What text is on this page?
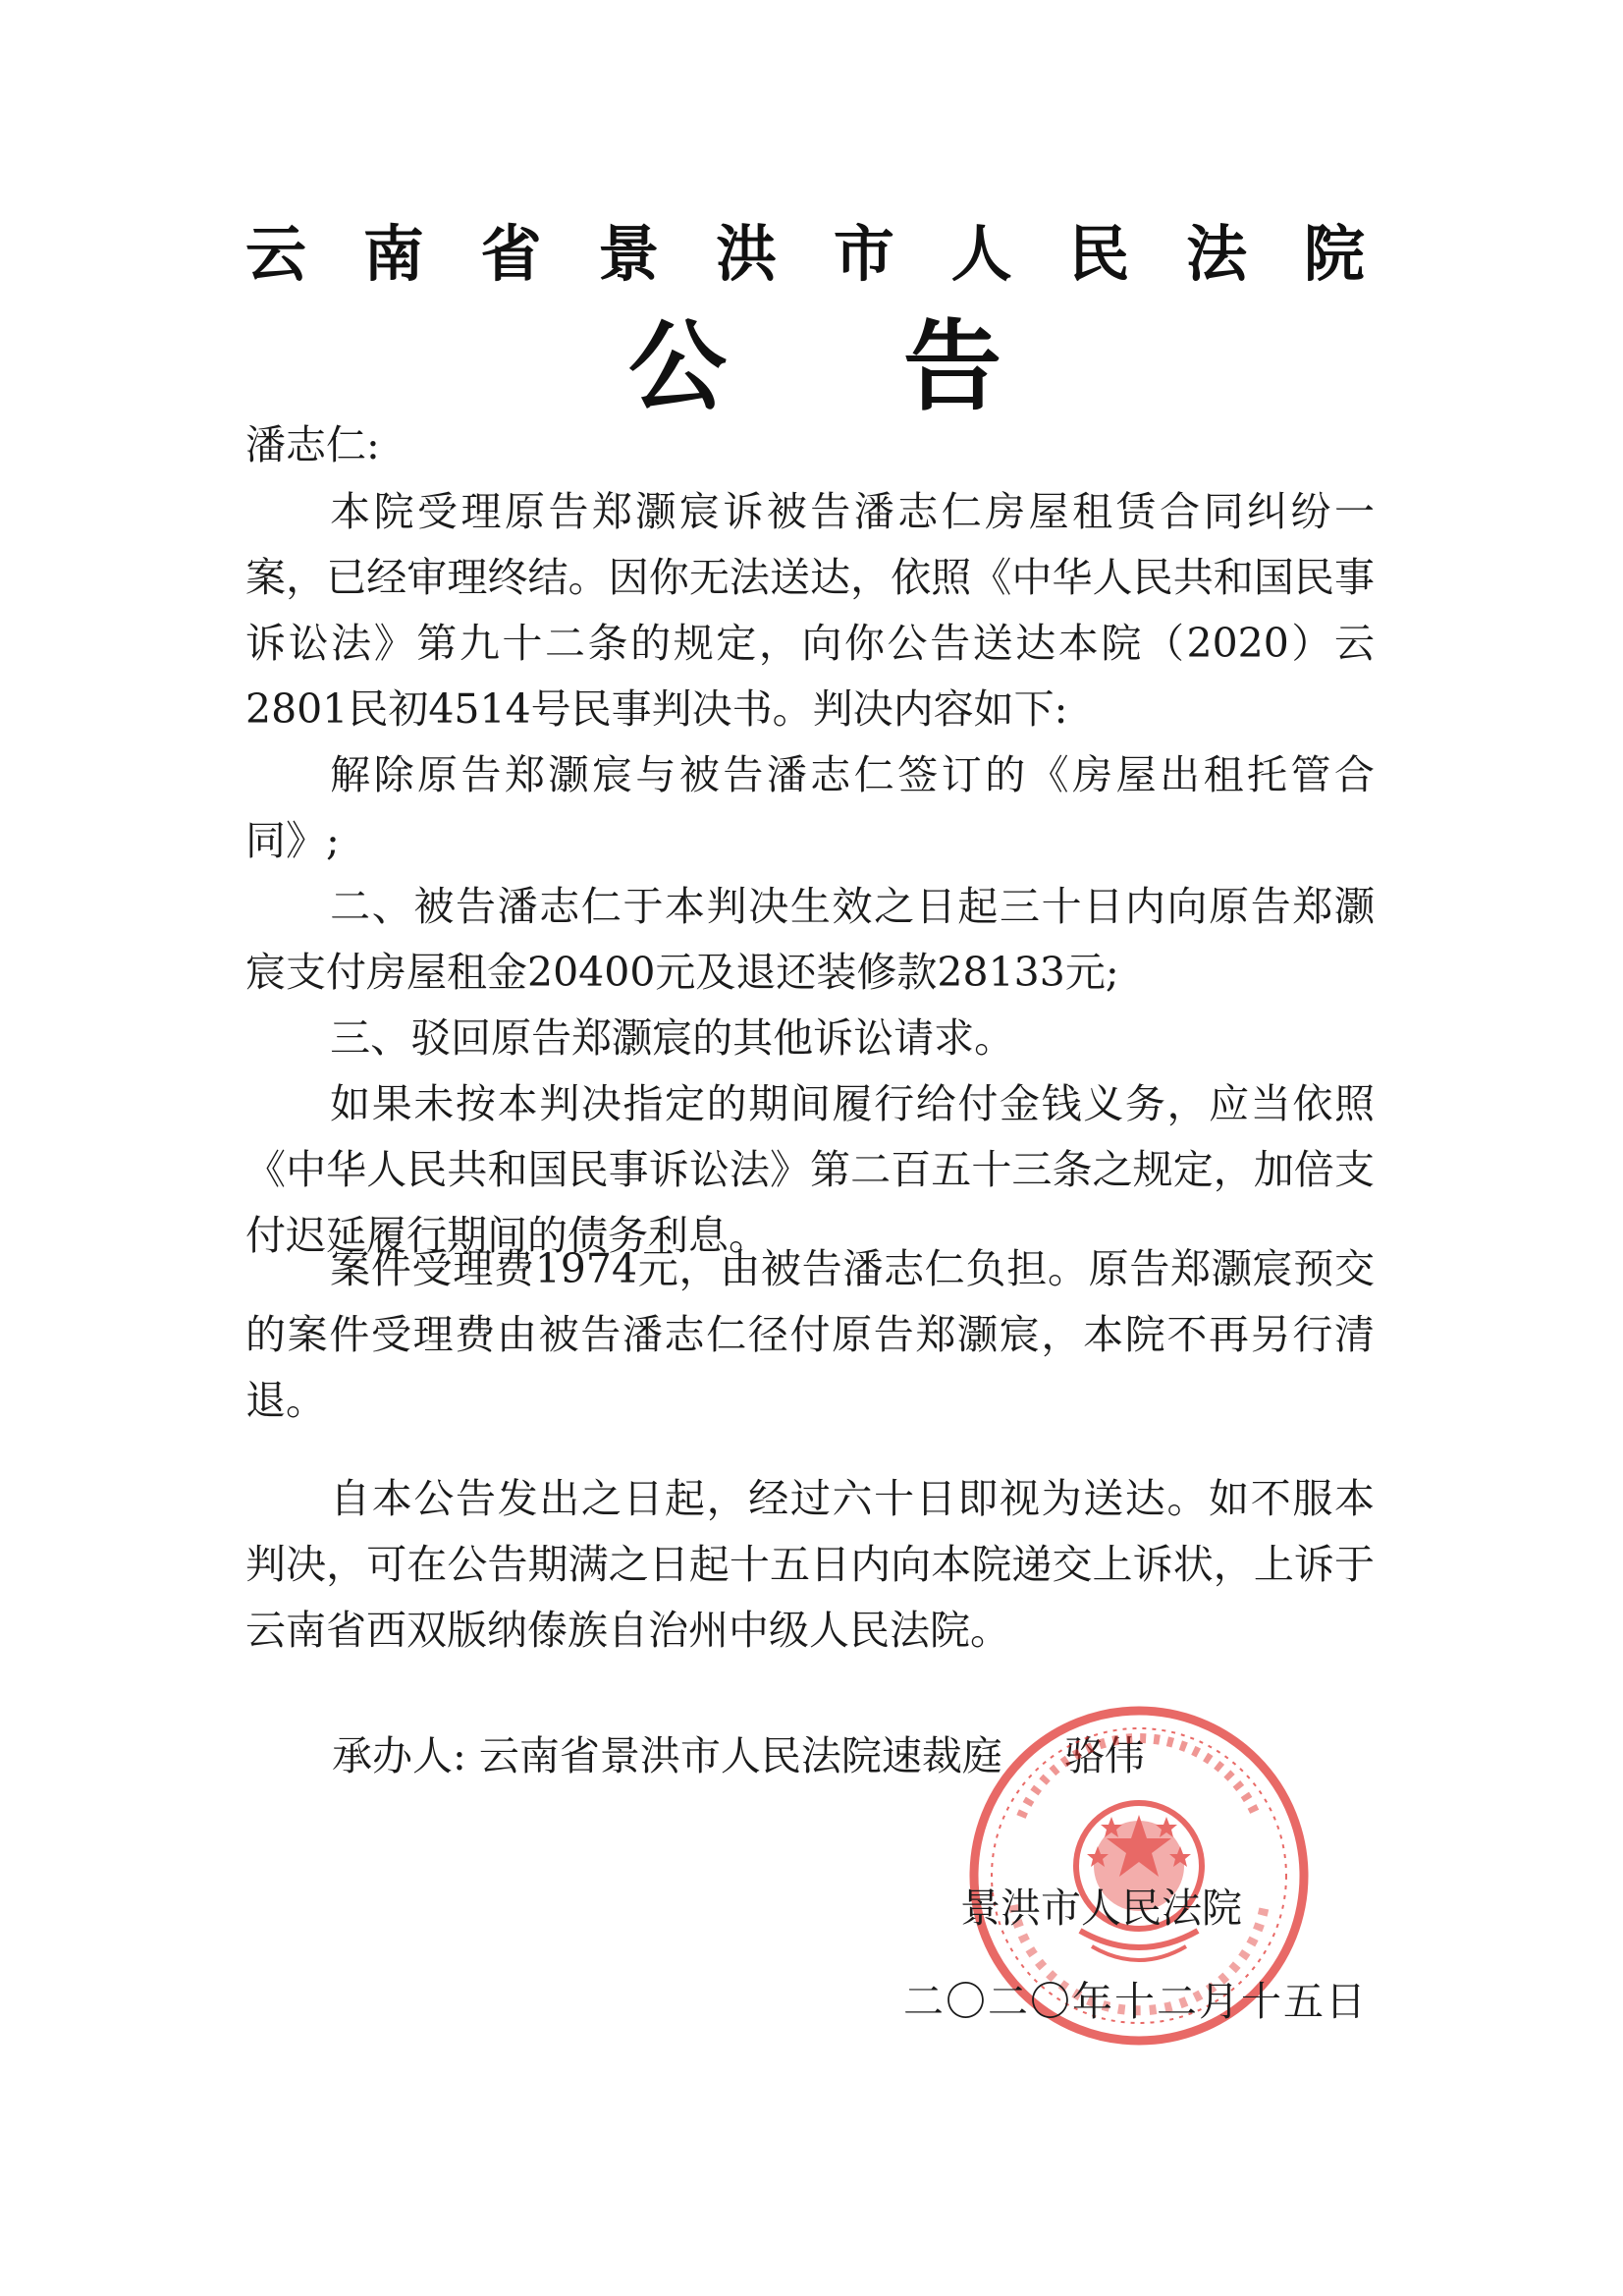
云 南 省 景 洪 市 人 民 法 院
公 告

潘志仁:

本院受理原告郑灏宸诉被告潘志仁房屋租赁合同纠纷一案，已经审理终结。因你无法送达，依照《中华人民共和国民事诉讼法》第九十二条的规定，向你公告送达本院（2020）云2801民初4514号民事判决书。判决内容如下:

解除原告郑灏宸与被告潘志仁签订的《房屋出租托管合同》;

二、被告潘志仁于本判决生效之日起三十日内向原告郑灏宸支付房屋租金20400元及退还装修款28133元;

三、驳回原告郑灏宸的其他诉讼请求。

如果未按本判决指定的期间履行给付金钱义务，应当依照《中华人民共和国民事诉讼法》第二百五十三条之规定，加倍支付迟延履行期间的债务利息。

案件受理费1974元，由被告潘志仁负担。原告郑灏宸预交的案件受理费由被告潘志仁径付原告郑灏宸，本院不再另行清退。

自本公告发出之日起，经过六十日即视为送达。如不服本判决，可在公告期满之日起十五日内向本院递交上诉状，上诉于云南省西双版纳傣族自治州中级人民法院。

承办人: 云南省景洪市人民法院速裁庭 骆伟
景洪市人民法院
二〇二〇年十二月十五日
